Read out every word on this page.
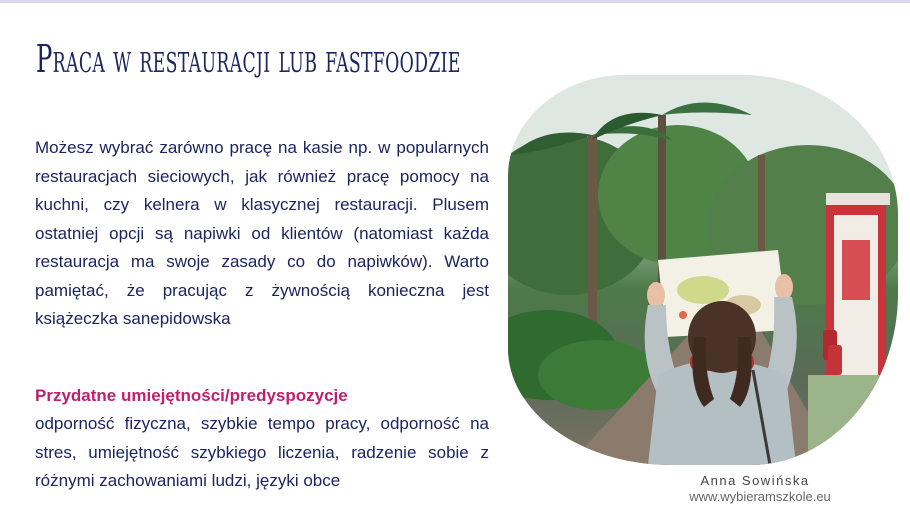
Praca w restauracji lub fastfoodzie

Możesz wybrać zarówno pracę na kasie np. w popularnych restauracjach sieciowych, jak również pracę pomocy na kuchni, czy kelnera w klasycznej restauracji. Plusem ostatniej opcji są napiwki od klientów (natomiast każda restauracja ma swoje zasady co do napiwków). Warto pamiętać, że pracując z żywnością konieczna jest książeczka sanepidowska

Przydatne umiejętności/predyspozycje

odporność fizyczna, szybkie tempo pracy, odporność na stres, umiejętność szybkiego liczenia, radzenie sobie z różnymi zachowaniami ludzi, języki obce	Anna Sowińska
www.wybieramszkole.eu
